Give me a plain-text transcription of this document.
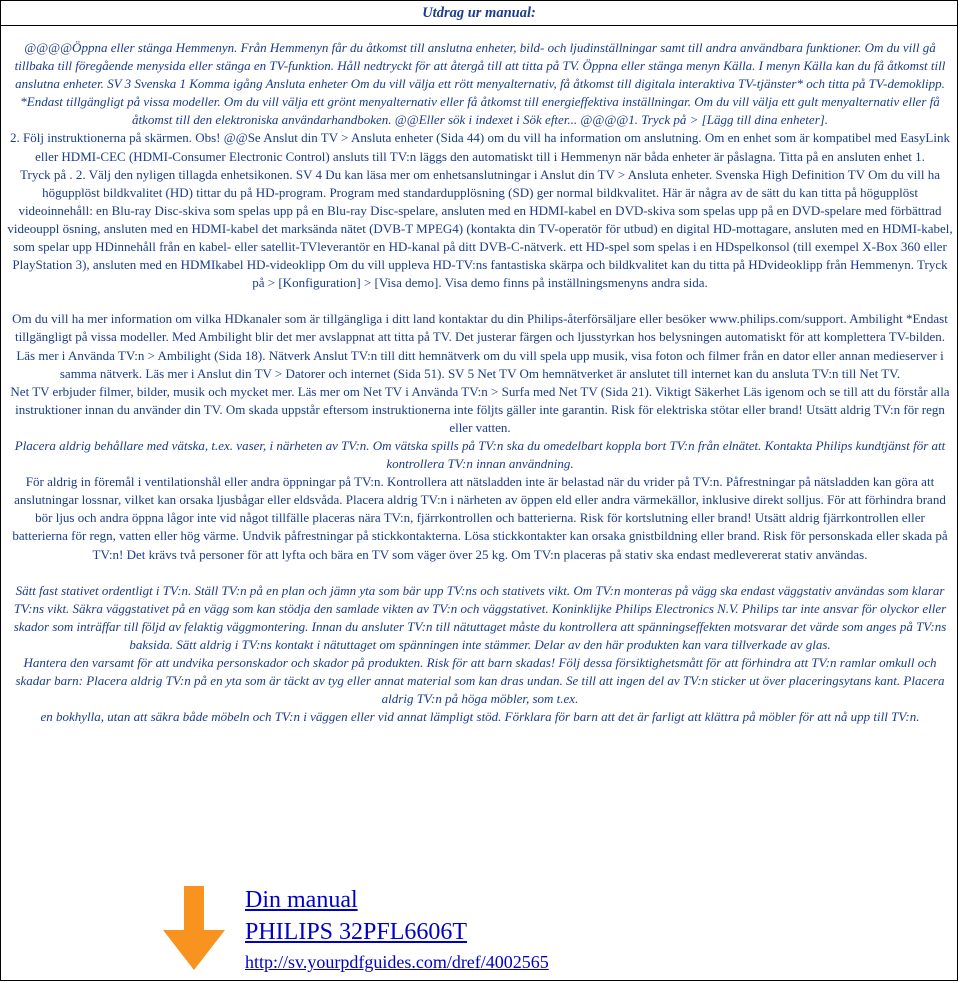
Utdrag ur manual:

@@@@Öppna eller stänga Hemmenyn. Från Hemmenyn får du åtkomst till anslutna enheter, bild- och ljudinställningar samt till andra användbara funktioner. Om du vill gå tillbaka till föregående menysida eller stänga en TV-funktion. Håll nedtryckt för att återgå till att titta på TV. Öppna eller stänga menyn Källa. I menyn Källa kan du få åtkomst till anslutna enheter. SV 3 Svenska 1 Komma igång Ansluta enheter Om du vill välja ett rött menyalternativ, få åtkomst till digitala interaktiva TV-tjänster* och titta på TV-demoklipp. *Endast tillgängligt på vissa modeller. Om du vill välja ett grönt menyalternativ eller få åtkomst till energieffektiva inställningar. Om du vill välja ett gult menyalternativ eller få åtkomst till den elektroniska användarhandboken. @@Eller sök i indexet i Sök efter... @@@@1. Tryck på > [Lägg till dina enheter].

2. Följ instruktionerna på skärmen. Obs! @@Se Anslut din TV > Ansluta enheter (Sida 44) om du vill ha information om anslutning. Om en enhet som är kompatibel med EasyLink eller HDMI-CEC (HDMI-Consumer Electronic Control) ansluts till TV:n läggs den automatiskt till i Hemmenyn när båda enheter är påslagna. Titta på en ansluten enhet 1.

Tryck på . 2. Välj den nyligen tillagda enhetsikonen. SV 4 Du kan läsa mer om enhetsanslutningar i Anslut din TV > Ansluta enheter. Svenska High Definition TV Om du vill ha högupplöst bildkvalitet (HD) tittar du på HD-program. Program med standardupplösning (SD) ger normal bildkvalitet. Här är några av de sätt du kan titta på högupplöst videoinnehåll: en Blu-ray Disc-skiva som spelas upp på en Blu-ray Disc-spelare, ansluten med en HDMI-kabel en DVD-skiva som spelas upp på en DVD-spelare med förbättrad videouppl ösning, ansluten med en HDMI-kabel det marksända nätet (DVB-T MPEG4) (kontakta din TV-operatör för utbud) en digital HD-mottagare, ansluten med en HDMI-kabel, som spelar upp HDinnehåll från en kabel- eller satellit-TVleverantör en HD-kanal på ditt DVB-C-nätverk. ett HD-spel som spelas i en HDspelkonsol (till exempel X-Box 360 eller PlayStation 3), ansluten med en HDMIkabel HD-videoklipp Om du vill uppleva HD-TV:ns fantastiska skärpa och bildkvalitet kan du titta på HDvideoklipp från Hemmenyn. Tryck på > [Konfiguration] > [Visa demo]. Visa demo finns på inställningsmenyns andra sida.

Om du vill ha mer information om vilka HDkanaler som är tillgängliga i ditt land kontaktar du din Philips-återförsäljare eller besöker www.philips.com/support. Ambilight *Endast tillgängligt på vissa modeller. Med Ambilight blir det mer avslappnat att titta på TV. Det justerar färgen och ljusstyrkan hos belysningen automatiskt för att komplettera TV-bilden. Läs mer i Använda TV:n > Ambilight (Sida 18). Nätverk Anslut TV:n till ditt hemnätverk om du vill spela upp musik, visa foton och filmer från en dator eller annan medieserver i samma nätverk. Läs mer i Anslut din TV > Datorer och internet (Sida 51). SV 5 Net TV Om hemnätverket är anslutet till internet kan du ansluta TV:n till Net TV.

Net TV erbjuder filmer, bilder, musik och mycket mer. Läs mer om Net TV i Använda TV:n > Surfa med Net TV (Sida 21). Viktigt Säkerhet Läs igenom och se till att du förstår alla instruktioner innan du använder din TV. Om skada uppstår eftersom instruktionerna inte följts gäller inte garantin. Risk för elektriska stötar eller brand! Utsätt aldrig TV:n för regn eller vatten.

Placera aldrig behållare med vätska, t.ex. vaser, i närheten av TV:n. Om vätska spills på TV:n ska du omedelbart koppla bort TV:n från elnätet. Kontakta Philips kundtjänst för att kontrollera TV:n innan användning.

För aldrig in föremål i ventilationshål eller andra öppningar på TV:n. Kontrollera att nätsladden inte är belastad när du vrider på TV:n. Påfrestningar på nätsladden kan göra att anslutningar lossnar, vilket kan orsaka ljusbågar eller eldsvåda. Placera aldrig TV:n i närheten av öppen eld eller andra värmekällor, inklusive direkt solljus. För att förhindra brand bör ljus och andra öppna lågor inte vid något tillfälle placeras nära TV:n, fjärrkontrollen och batterierna. Risk för kortslutning eller brand! Utsätt aldrig fjärrkontrollen eller batterierna för regn, vatten eller hög värme. Undvik påfrestningar på stickkontakterna. Lösa stickkontakter kan orsaka gnistbildning eller brand. Risk för personskada eller skada på TV:n! Det krävs två personer för att lyfta och bära en TV som väger över 25 kg. Om TV:n placeras på stativ ska endast medlevererat stativ användas.

Sätt fast stativet ordentligt i TV:n. Ställ TV:n på en plan och jämn yta som bär upp TV:ns och stativets vikt. Om TV:n monteras på vägg ska endast väggstativ användas som klarar TV:ns vikt. Säkra väggstativet på en vägg som kan stödja den samlade vikten av TV:n och väggstativet. Koninklijke Philips Electronics N.V. Philips tar inte ansvar för olyckor eller skador som inträffar till följd av felaktig väggmontering. Innan du ansluter TV:n till nätuttaget måste du kontrollera att spänningseffekten motsvarar det värde som anges på TV:ns baksida. Sätt aldrig i TV:ns kontakt i nätuttaget om spänningen inte stämmer. Delar av den här produkten kan vara tillverkade av glas.

Hantera den varsamt för att undvika personskador och skador på produkten. Risk för att barn skadas! Följ dessa försiktighetsmått för att förhindra att TV:n ramlar omkull och skadar barn: Placera aldrig TV:n på en yta som är täckt av tyg eller annat material som kan dras undan. Se till att ingen del av TV:n sticker ut över placeringsytans kant. Placera aldrig TV:n på höga möbler, som t.ex.

en bokhylla, utan att säkra både möbeln och TV:n i väggen eller vid annat lämpligt stöd. Förklara för barn att det är farligt att klättra på möbler för att nå upp till TV:n.

Din manual
PHILIPS 32PFL6606T
http://sv.yourpdfguides.com/dref/4002565
